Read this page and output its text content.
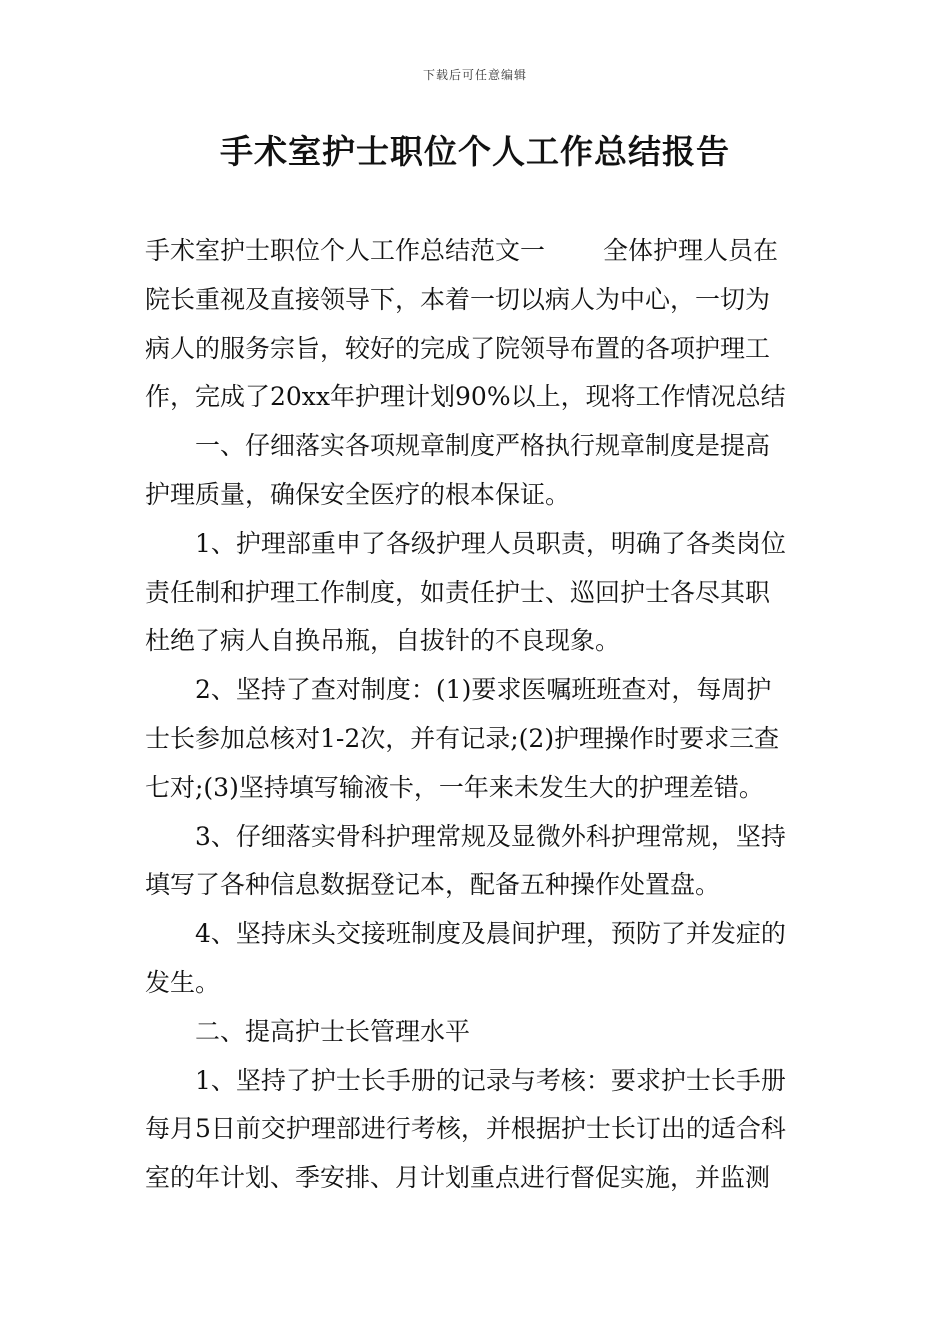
下载后可任意编辑
手术室护士职位个人工作总结报告

手术室护士职位个人工作总结范文一 全体护理人员在
院长重视及直接领导下，本着一切以病人为中心，一切为
病人的服务宗旨，较好的完成了院领导布置的各项护理工
作，完成了20xx年护理计划90%以上，现将工作情况总结

一、仔细落实各项规章制度严格执行规章制度是提高
护理质量，确保安全医疗的根本保证。

1、护理部重申了各级护理人员职责，明确了各类岗位
责任制和护理工作制度，如责任护士、巡回护士各尽其职
杜绝了病人自换吊瓶，自拔针的不良现象。

2、坚持了查对制度：(1)要求医嘱班班查对，每周护
士长参加总核对1-2次，并有记录;(2)护理操作时要求三查
七对;(3)坚持填写输液卡，一年来未发生大的护理差错。

3、仔细落实骨科护理常规及显微外科护理常规，坚持
填写了各种信息数据登记本，配备五种操作处置盘。

4、坚持床头交接班制度及晨间护理，预防了并发症的
发生。

二、提高护士长管理水平

1、坚持了护士长手册的记录与考核：要求护士长手册
每月5日前交护理部进行考核，并根据护士长订出的适合科
室的年计划、季安排、月计划重点进行督促实施，并监测
